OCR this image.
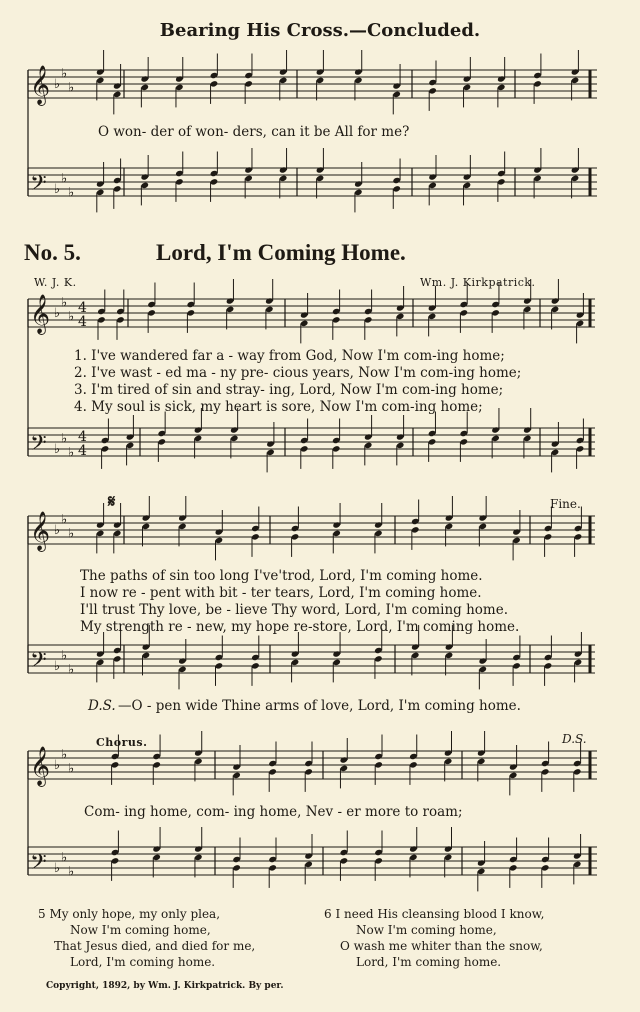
Bearing His Cross.—Concluded.
O won- der of won- ders, can it be All for me?
No. 5.	Lord, I'm Coming Home.
W. J. K.	Wm. J. Kirkpatrick.
1. I've wandered far a - way from God, Now I'm com-ing home;
2. I've wast - ed ma - ny pre- cious years, Now I'm com-ing home;
3. I'm tired of sin and stray- ing, Lord, Now I'm com-ing home;
4. My soul is sick, my heart is sore, Now I'm com-ing home;
Fine.
𝄋
The paths of sin too long I've'trod, Lord, I'm coming home.
I now re - pent with bit - ter tears, Lord, I'm coming home.
I'll trust Thy love, be - lieve Thy word, Lord, I'm coming home.
My strength re - new, my hope re-store, Lord, I'm coming home.
D.S. —O - pen wide Thine arms of love, Lord, I'm coming home.
Chorus.	D.S.
Com- ing home, com- ing home, Nev - er more to roam;
5 My only hope, my only plea,
Now I'm coming home,
That Jesus died, and died for me,
Lord, I'm coming home.
6 I need His cleansing blood I know,
Now I'm coming home,
O wash me whiter than the snow,
Lord, I'm coming home.
Copyright, 1892, by Wm. J. Kirkpatrick. By per.
𝄞 ♭
♭
♭
𝄢 ♭
♭
♭
𝄞 ♭
♭
♭
4
4
𝄢 ♭
♭
♭
4
4
𝄞 ♭
♭
♭
𝄢 ♭
♭
♭
𝄞 ♭
♭
♭
𝄢 ♭
♭
♭
